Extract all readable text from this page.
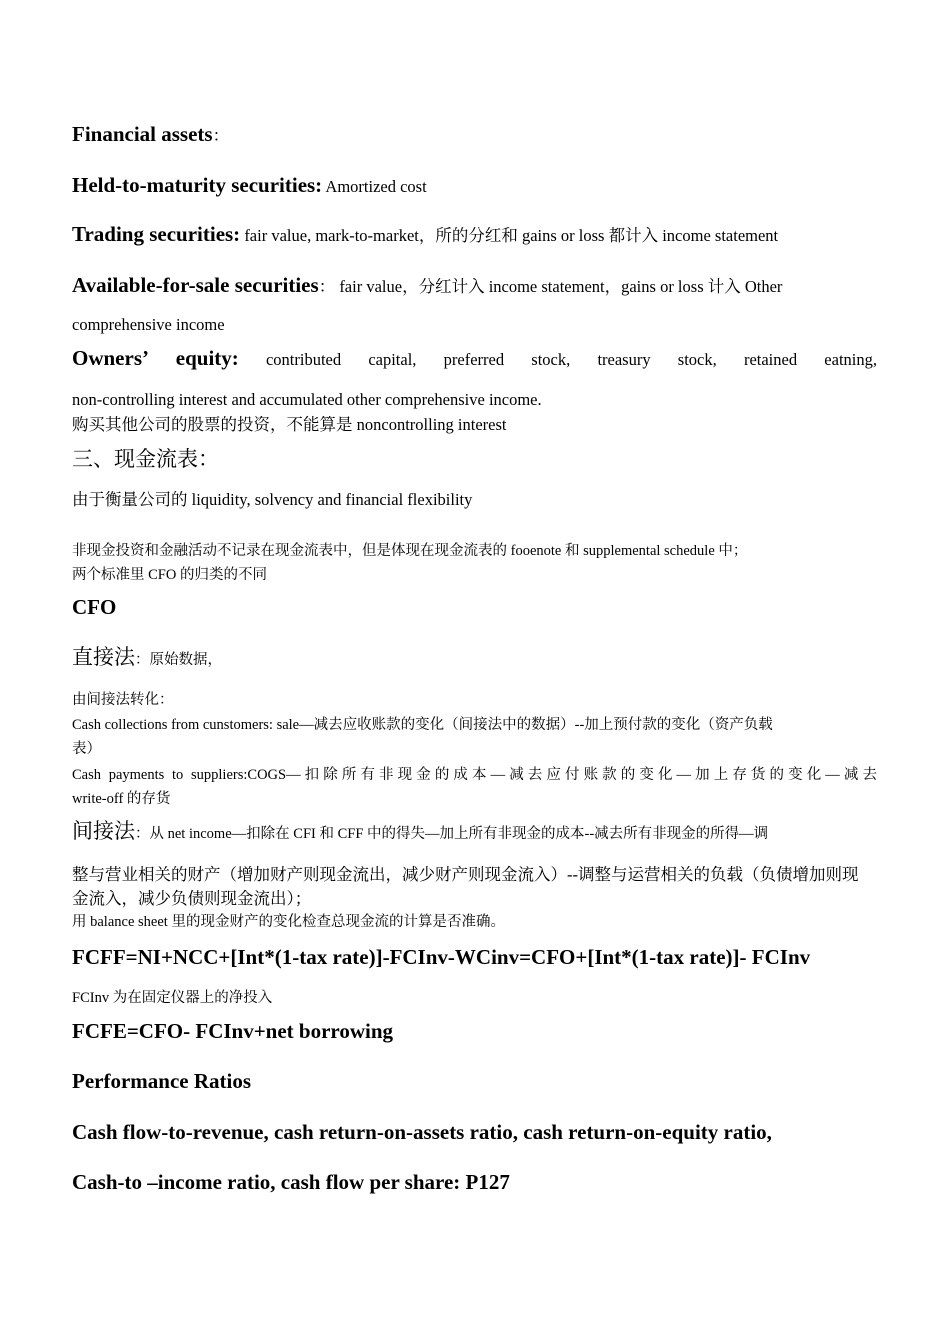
Financial assets：
Held-to-maturity securities: Amortized cost
Trading securities: fair value, mark-to-market，所的分红和 gains or loss 都计入 income statement
Available-for-sale securities： fair value，分红计入 income statement，gains or loss 计入 Other
comprehensive income
Owners’ equity: contributed capital, preferred stock, treasury stock, retained eatning,
non-controlling interest and accumulated other comprehensive income.
购买其他公司的股票的投资，不能算是 noncontrolling interest
三、现金流表：
由于衡量公司的 liquidity, solvency and financial flexibility
非现金投资和金融活动不记录在现金流表中，但是体现在现金流表的 fooenote 和 supplemental schedule 中；
两个标准里 CFO 的归类的不同
CFO
直接法：原始数据，
由间接法转化：
Cash collections from cunstomers: sale—减去应收账款的变化（间接法中的数据）--加上预付款的变化（资产负载
表）
Cash payments to suppliers:COGS—扣除所有非现金的成本—减去应付账款的变化—加上存货的变化—减去
write-off 的存货
间接法：从 net income—扣除在 CFI 和 CFF 中的得失—加上所有非现金的成本--减去所有非现金的所得—调
整与营业相关的财产（增加财产则现金流出，减少财产则现金流入）--调整与运营相关的负载（负债增加则现
金流入，减少负债则现金流出）；
用 balance sheet 里的现金财产的变化检查总现金流的计算是否准确。
FCFF=NI+NCC+[Int*(1-tax rate)]-FCInv-WCinv=CFO+[Int*(1-tax rate)]- FCInv
FCInv 为在固定仪器上的净投入
FCFE=CFO- FCInv+net borrowing
Performance Ratios
Cash flow-to-revenue, cash return-on-assets ratio, cash return-on-equity ratio,
Cash-to –income ratio, cash flow per share: P127
